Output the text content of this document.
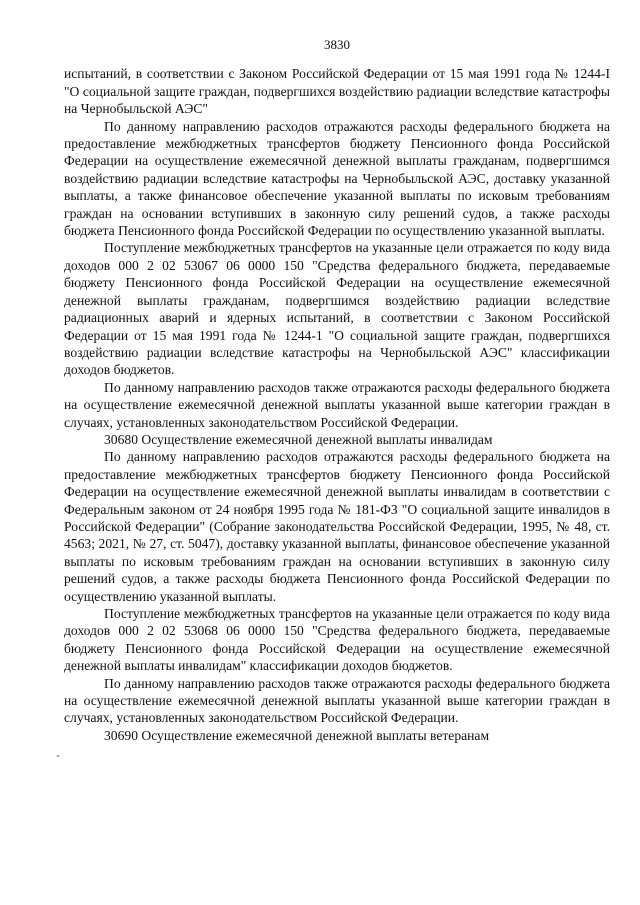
3830

испытаний, в соответствии с Законом Российской Федерации от 15 мая 1991 года № 1244-I "О социальной защите граждан, подвергшихся воздействию радиации вследствие катастрофы на Чернобыльской АЭС"

По данному направлению расходов отражаются расходы федерального бюджета на предоставление межбюджетных трансфертов бюджету Пенсионного фонда Российской Федерации на осуществление ежемесячной денежной выплаты гражданам, подвергшимся воздействию радиации вследствие катастрофы на Чернобыльской АЭС, доставку указанной выплаты, а также финансовое обеспечение указанной выплаты по исковым требованиям граждан на основании вступивших в законную силу решений судов, а также расходы бюджета Пенсионного фонда Российской Федерации по осуществлению указанной выплаты.

Поступление межбюджетных трансфертов на указанные цели отражается по коду вида доходов 000 2 02 53067 06 0000 150 "Средства федерального бюджета, передаваемые бюджету Пенсионного фонда Российской Федерации на осуществление ежемесячной денежной выплаты гражданам, подвергшимся воздействию радиации вследствие радиационных аварий и ядерных испытаний, в соответствии с Законом Российской Федерации от 15 мая 1991 года № 1244-1 "О социальной защите граждан, подвергшихся воздействию радиации вследствие катастрофы на Чернобыльской АЭС" классификации доходов бюджетов.

По данному направлению расходов также отражаются расходы федерального бюджета на осуществление ежемесячной денежной выплаты указанной выше категории граждан в случаях, установленных законодательством Российской Федерации.

30680 Осуществление ежемесячной денежной выплаты инвалидам

По данному направлению расходов отражаются расходы федерального бюджета на предоставление межбюджетных трансфертов бюджету Пенсионного фонда Российской Федерации на осуществление ежемесячной денежной выплаты инвалидам в соответствии с Федеральным законом от 24 ноября 1995 года № 181-ФЗ "О социальной защите инвалидов в Российской Федерации" (Собрание законодательства Российской Федерации, 1995, № 48, ст. 4563; 2021, № 27, ст. 5047), доставку указанной выплаты, финансовое обеспечение указанной выплаты по исковым требованиям граждан на основании вступивших в законную силу решений судов, а также расходы бюджета Пенсионного фонда Российской Федерации по осуществлению указанной выплаты.

Поступление межбюджетных трансфертов на указанные цели отражается по коду вида доходов 000 2 02 53068 06 0000 150 "Средства федерального бюджета, передаваемые бюджету Пенсионного фонда Российской Федерации на осуществление ежемесячной денежной выплаты инвалидам" классификации доходов бюджетов.

По данному направлению расходов также отражаются расходы федерального бюджета на осуществление ежемесячной денежной выплаты указанной выше категории граждан в случаях, установленных законодательством Российской Федерации.

30690 Осуществление ежемесячной денежной выплаты ветеранам

-
